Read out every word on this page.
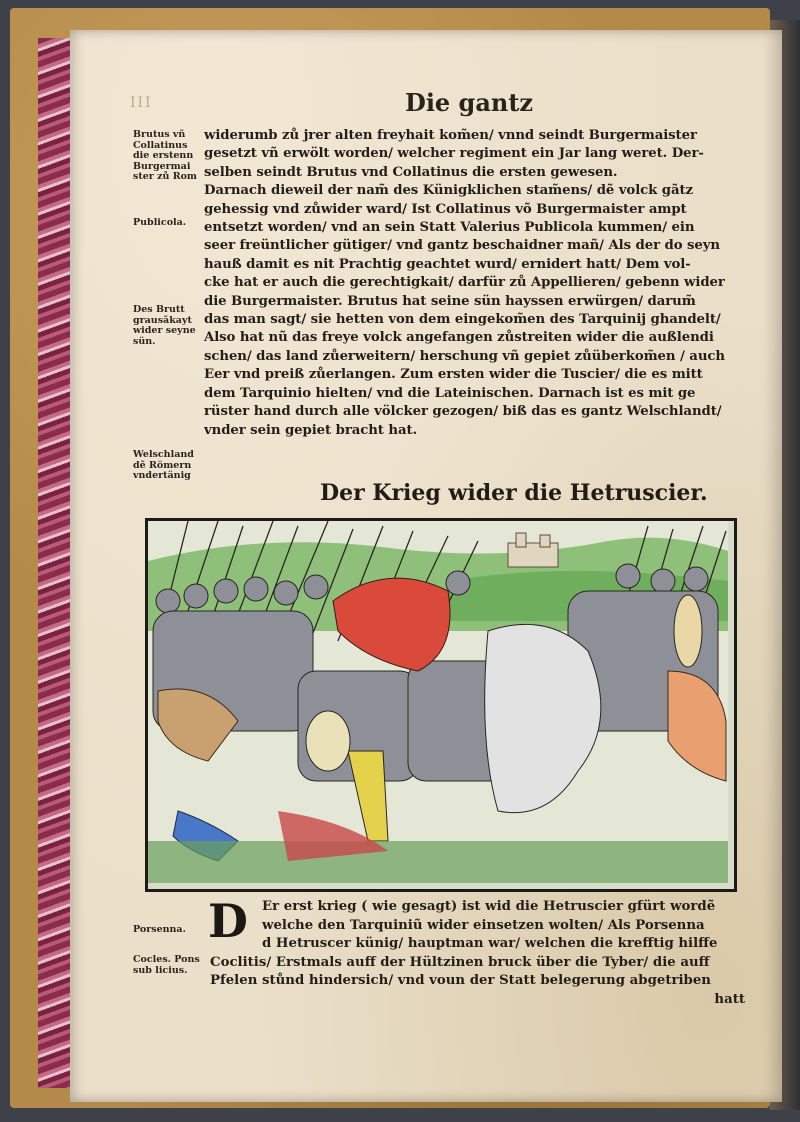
III	Die gantz
Brutus vñ Collatinus die erstenn Burgermai ster zů Rom
Publicola.
Des Brutt grausãkayt wider seyne sün.
Welschland dẽ Römern vndertänig
widerumb zů jrer alten freyhait kom̃en/ vnnd seindt Burgermaister
gesetzt vñ erwölt worden/ welcher regiment ein Jar lang weret. Der-
selben seindt Brutus vnd Collatinus die ersten gewesen.
Darnach dieweil der nam̃ des Künigklichen stam̃ens/ dẽ volck gãtz
gehessig vnd zůwider ward/ Ist Collatinus võ Burgermaister ampt
entsetzt worden/ vnd an sein Statt Valerius Publicola kummen/ ein
seer freüntlicher gütiger/ vnd gantz beschaidner mañ/ Als der do seyn
hauß damit es nit Prachtig geachtet wurd/ ernidert hatt/ Dem vol-
cke hat er auch die gerechtigkait/ darfür zů Appellieren/ gebenn wider
die Burgermaister. Brutus hat seine sün hayssen erwürgen/ darum̃
das man sagt/ sie hetten von dem eingekom̃en des Tarquinij ghandelt/
Also hat nũ das freye volck angefangen zůstreiten wider die außlendi
schen/ das land zůerweitern/ herschung vñ gepiet zůüberkom̃en / auch
Eer vnd preiß zůerlangen. Zum ersten wider die Tuscier/ die es mitt
dem Tarquinio hielten/ vnd die Lateinischen. Darnach ist es mit ge
rüster hand durch alle völcker gezogen/ biß das es gantz Welschlandt/
vnder sein gepiet bracht hat.
Der Krieg wider die Hetruscier.
Porsenna.
Cocles. Pons sub licius.
D	Er erst krieg ( wie gesagt) ist wid die Hetruscier gfürt wordẽ
welche den Tarquiniũ wider einsetzen wolten/ Als Porsenna
d Hetruscer künig/ hauptman war/ welchen die krefftig hilffe
Coclitis/ Erstmals auff der Hültzinen bruck über die Tyber/ die auff
Pfelen stůnd hindersich/ vnd voun der Statt belegerung abgetriben
hatt
